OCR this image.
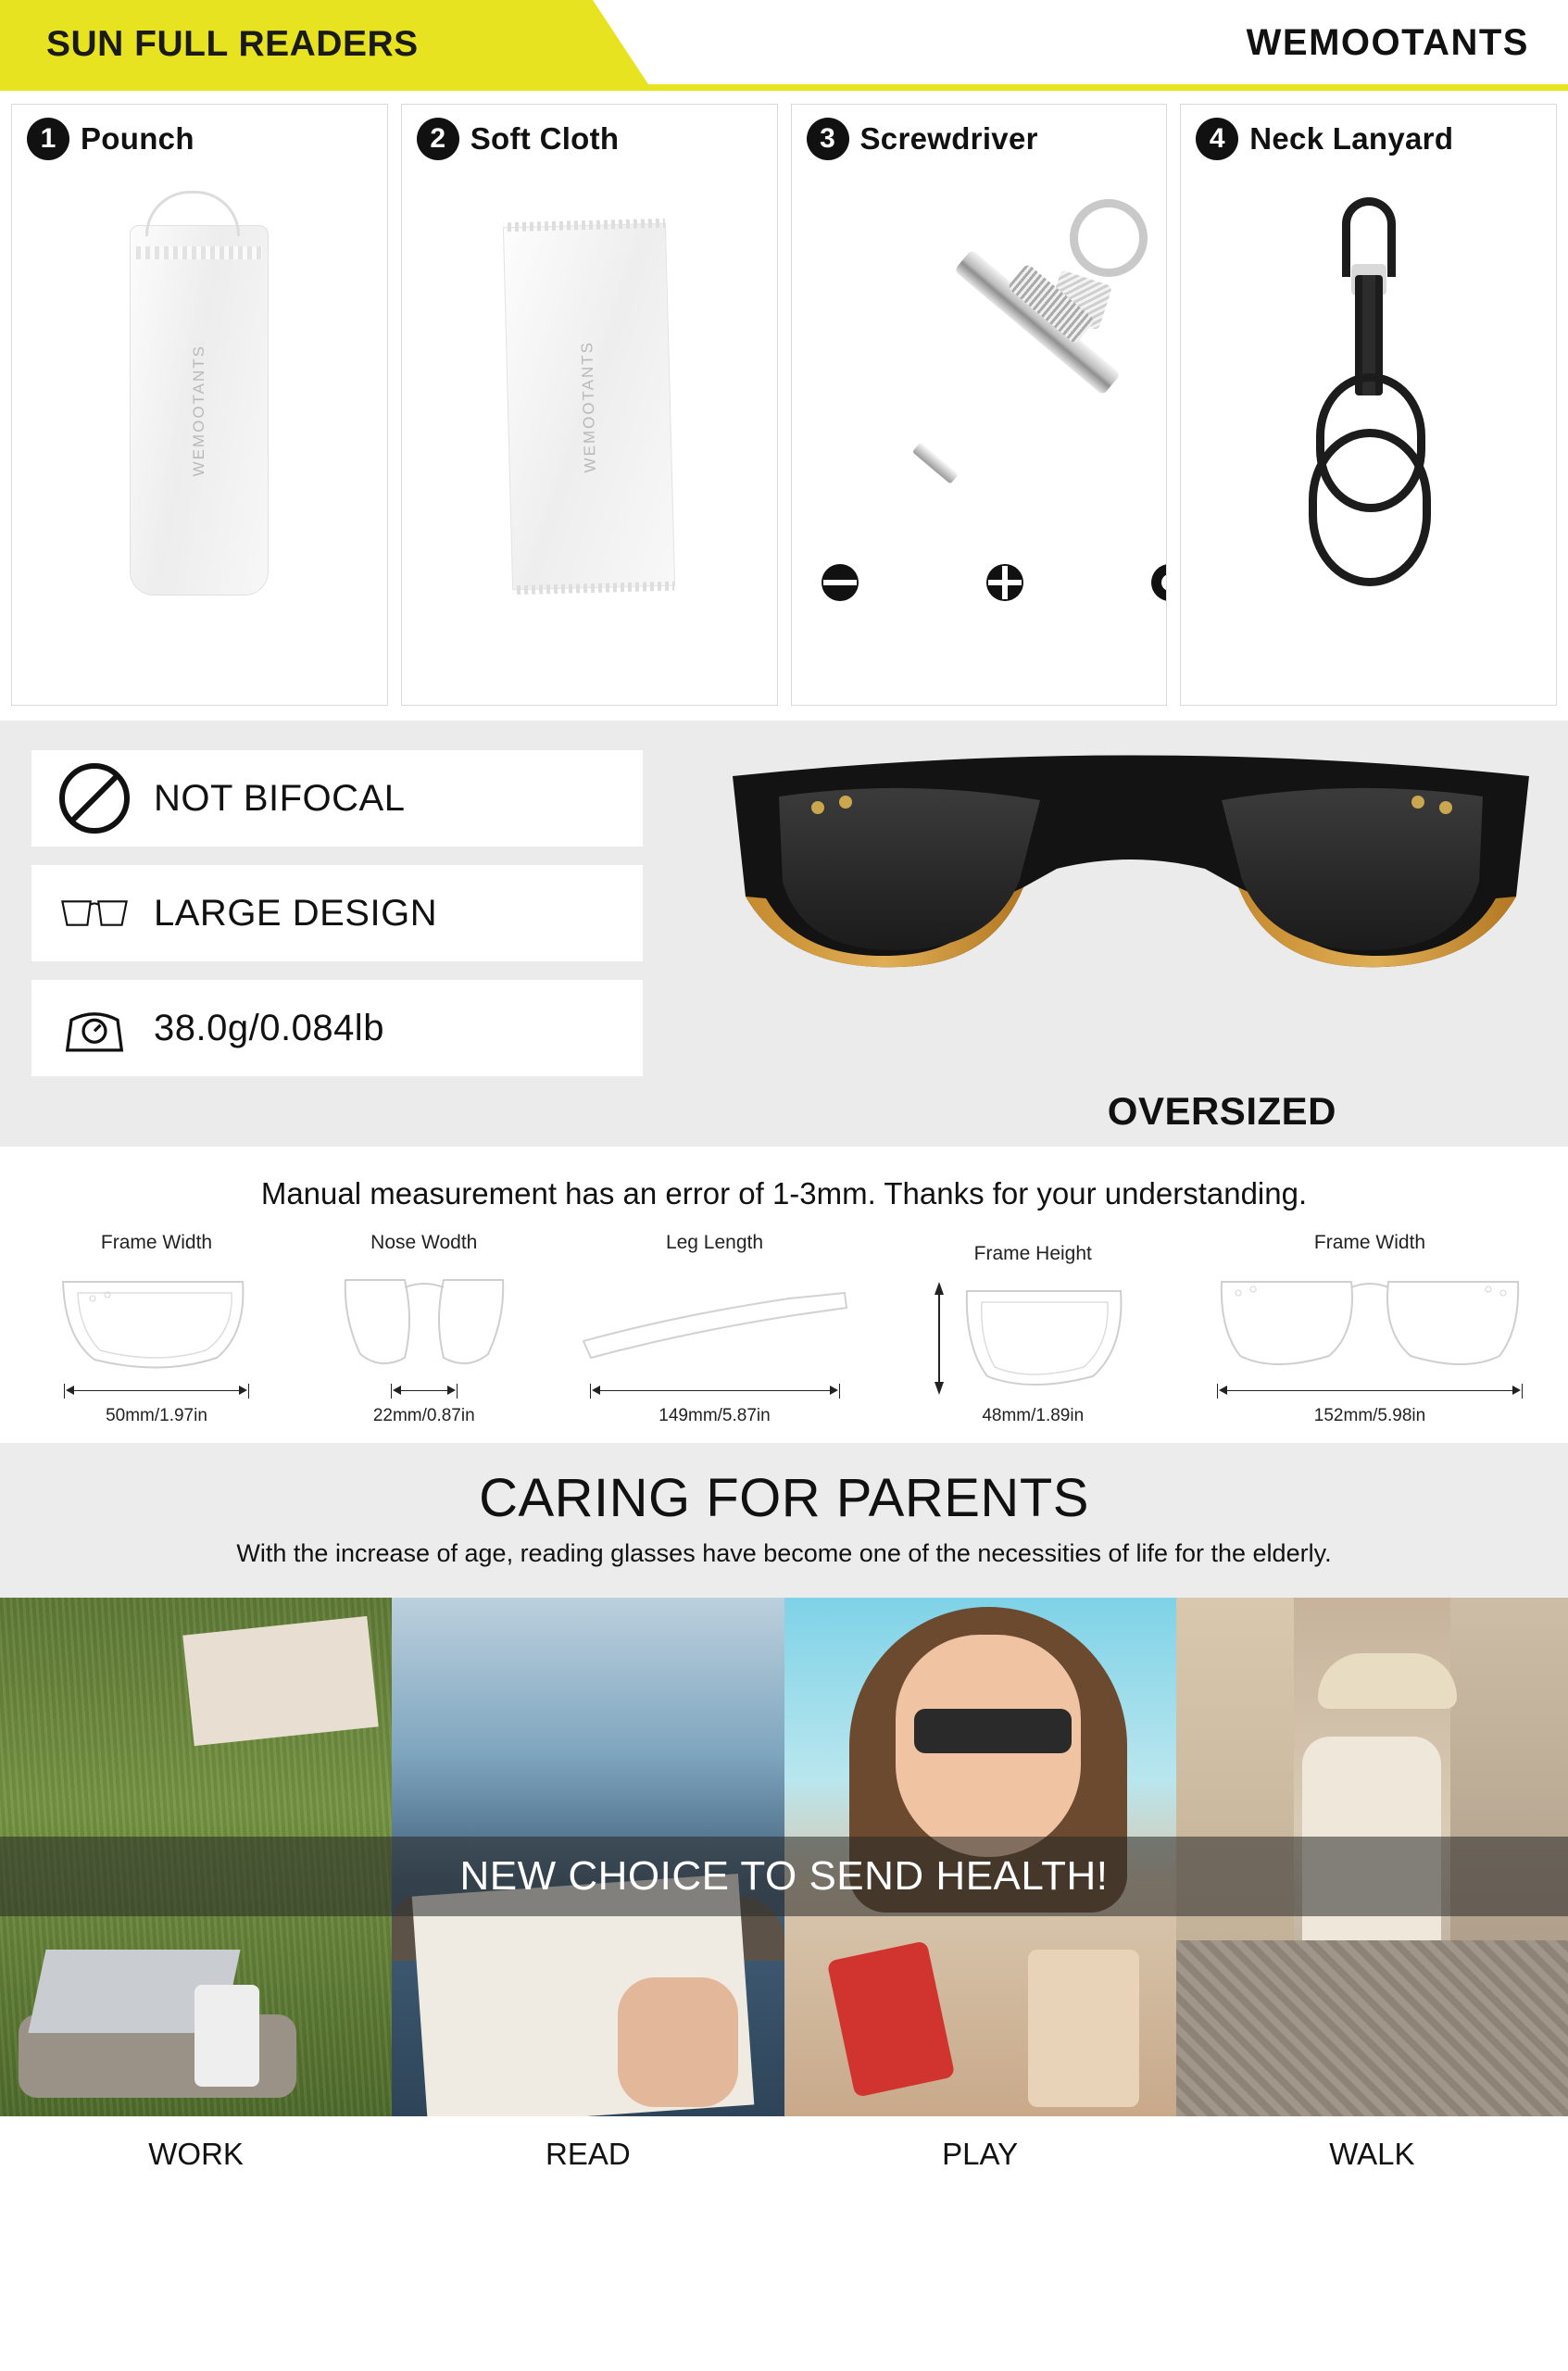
SUN FULL READERS	WEMOOTANTS
1 Pounch
WEMOOTANTS
2 Soft Cloth
WEMOOTANTS
3 Screwdriver	4 Neck Lanyard
NOT BIFOCAL
LARGE DESIGN
38.0g/0.084lb
OVERSIZED
Manual measurement has an error of 1-3mm. Thanks for your understanding.
Frame Width
50mm/1.97in
Nose Wodth
22mm/0.87in
Leg Length
149mm/5.87in
Frame Height
48mm/1.89in
Frame Width
152mm/5.98in
CARING FOR PARENTS
With the increase of age, reading glasses have become one of the necessities of life for the elderly.
NEW CHOICE TO SEND HEALTH!
WORK	READ	PLAY	WALK
